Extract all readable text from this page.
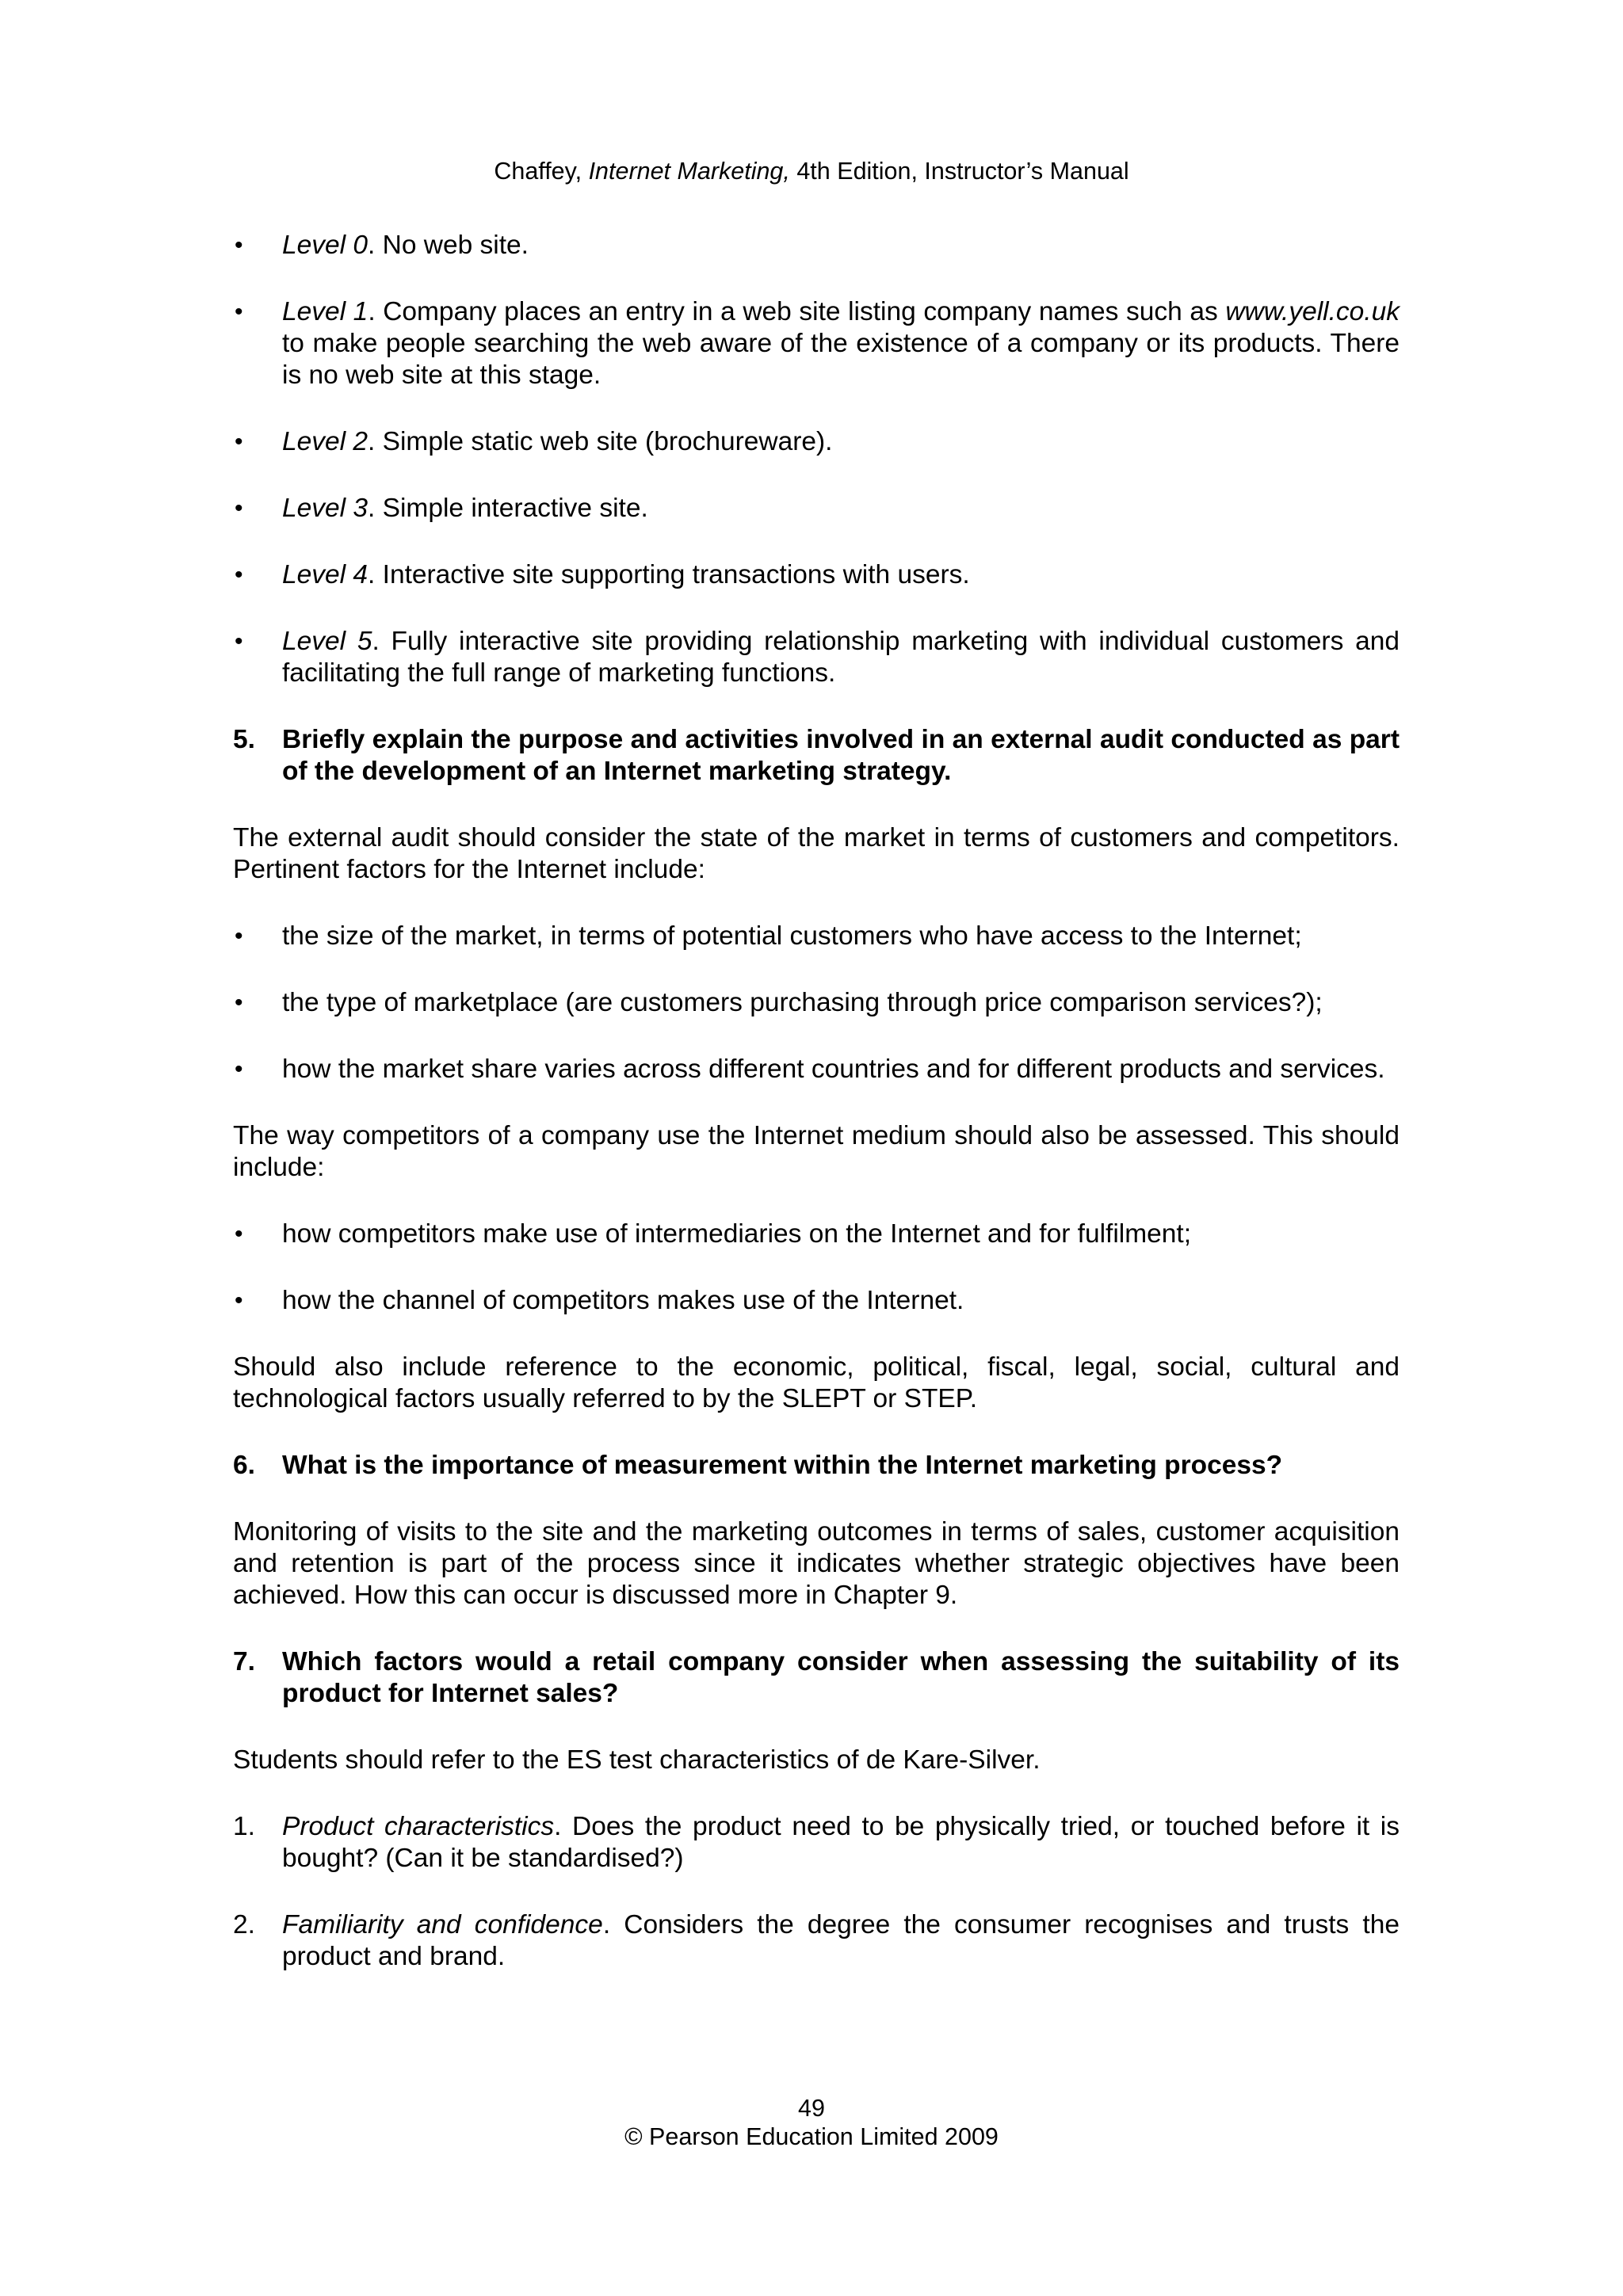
Chaffey, Internet Marketing, 4th Edition, Instructor’s Manual
•	Level 0. No web site.
•	Level 1. Company places an entry in a web site listing company names such as www.yell.co.uk to make people searching the web aware of the existence of a company or its products. There is no web site at this stage.
•	Level 2. Simple static web site (brochureware).
•	Level 3. Simple interactive site.
•	Level 4. Interactive site supporting transactions with users.
•	Level 5. Fully interactive site providing relationship marketing with individual customers and facilitating the full range of marketing functions.
5.	Briefly explain the purpose and activities involved in an external audit conducted as part of the development of an Internet marketing strategy.

The external audit should consider the state of the market in terms of customers and competitors. Pertinent factors for the Internet include:

•	the size of the market, in terms of potential customers who have access to the Internet;
•	the type of marketplace (are customers purchasing through price comparison services?);
•	how the market share varies across different countries and for different products and services.

The way competitors of a company use the Internet medium should also be assessed. This should include:

•	how competitors make use of intermediaries on the Internet and for fulfilment;
•	how the channel of competitors makes use of the Internet.

Should also include reference to the economic, political, fiscal, legal, social, cultural and technological factors usually referred to by the SLEPT or STEP.

6.	What is the importance of measurement within the Internet marketing process?

Monitoring of visits to the site and the marketing outcomes in terms of sales, customer acquisition and retention is part of the process since it indicates whether strategic objectives have been achieved. How this can occur is discussed more in Chapter 9.

7.	Which factors would a retail company consider when assessing the suitability of its product for Internet sales?

Students should refer to the ES test characteristics of de Kare-Silver.

1.	Product characteristics. Does the product need to be physically tried, or touched before it is bought? (Can it be standardised?)
2.	Familiarity and confidence. Considers the degree the consumer recognises and trusts the product and brand.
49
© Pearson Education Limited 2009
